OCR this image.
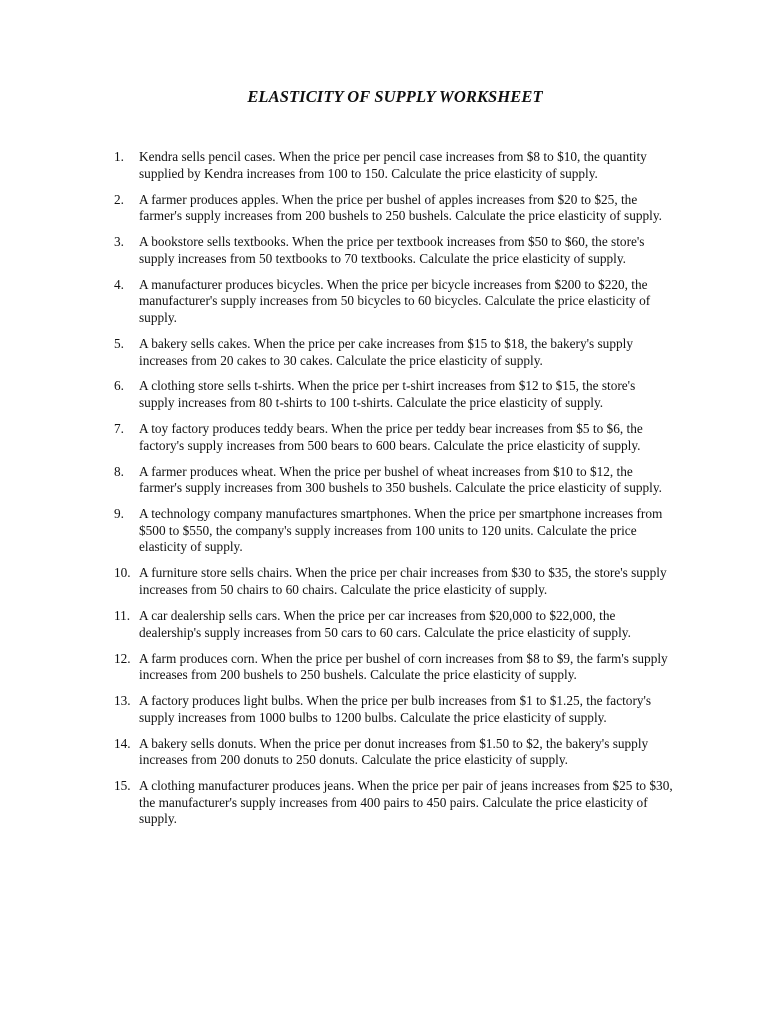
ELASTICITY OF SUPPLY WORKSHEET
1.	Kendra sells pencil cases. When the price per pencil case increases from $8 to $10, the quantity supplied by Kendra increases from 100 to 150. Calculate the price elasticity of supply.
2.	A farmer produces apples. When the price per bushel of apples increases from $20 to $25, the farmer's supply increases from 200 bushels to 250 bushels. Calculate the price elasticity of supply.
3.	A bookstore sells textbooks. When the price per textbook increases from $50 to $60, the store's supply increases from 50 textbooks to 70 textbooks. Calculate the price elasticity of supply.
4.	A manufacturer produces bicycles. When the price per bicycle increases from $200 to $220, the manufacturer's supply increases from 50 bicycles to 60 bicycles. Calculate the price elasticity of supply.
5.	A bakery sells cakes. When the price per cake increases from $15 to $18, the bakery's supply increases from 20 cakes to 30 cakes. Calculate the price elasticity of supply.
6.	A clothing store sells t-shirts. When the price per t-shirt increases from $12 to $15, the store's supply increases from 80 t-shirts to 100 t-shirts. Calculate the price elasticity of supply.
7.	A toy factory produces teddy bears. When the price per teddy bear increases from $5 to $6, the factory's supply increases from 500 bears to 600 bears. Calculate the price elasticity of supply.
8.	A farmer produces wheat. When the price per bushel of wheat increases from $10 to $12, the farmer's supply increases from 300 bushels to 350 bushels. Calculate the price elasticity of supply.
9.	A technology company manufactures smartphones. When the price per smartphone increases from $500 to $550, the company's supply increases from 100 units to 120 units. Calculate the price elasticity of supply.
10. A furniture store sells chairs. When the price per chair increases from $30 to $35, the store's supply increases from 50 chairs to 60 chairs. Calculate the price elasticity of supply.
11. A car dealership sells cars. When the price per car increases from $20,000 to $22,000, the dealership's supply increases from 50 cars to 60 cars. Calculate the price elasticity of supply.
12. A farm produces corn. When the price per bushel of corn increases from $8 to $9, the farm's supply increases from 200 bushels to 250 bushels. Calculate the price elasticity of supply.
13. A factory produces light bulbs. When the price per bulb increases from $1 to $1.25, the factory's supply increases from 1000 bulbs to 1200 bulbs. Calculate the price elasticity of supply.
14. A bakery sells donuts. When the price per donut increases from $1.50 to $2, the bakery's supply increases from 200 donuts to 250 donuts. Calculate the price elasticity of supply.
15. A clothing manufacturer produces jeans. When the price per pair of jeans increases from $25 to $30, the manufacturer's supply increases from 400 pairs to 450 pairs. Calculate the price elasticity of supply.
